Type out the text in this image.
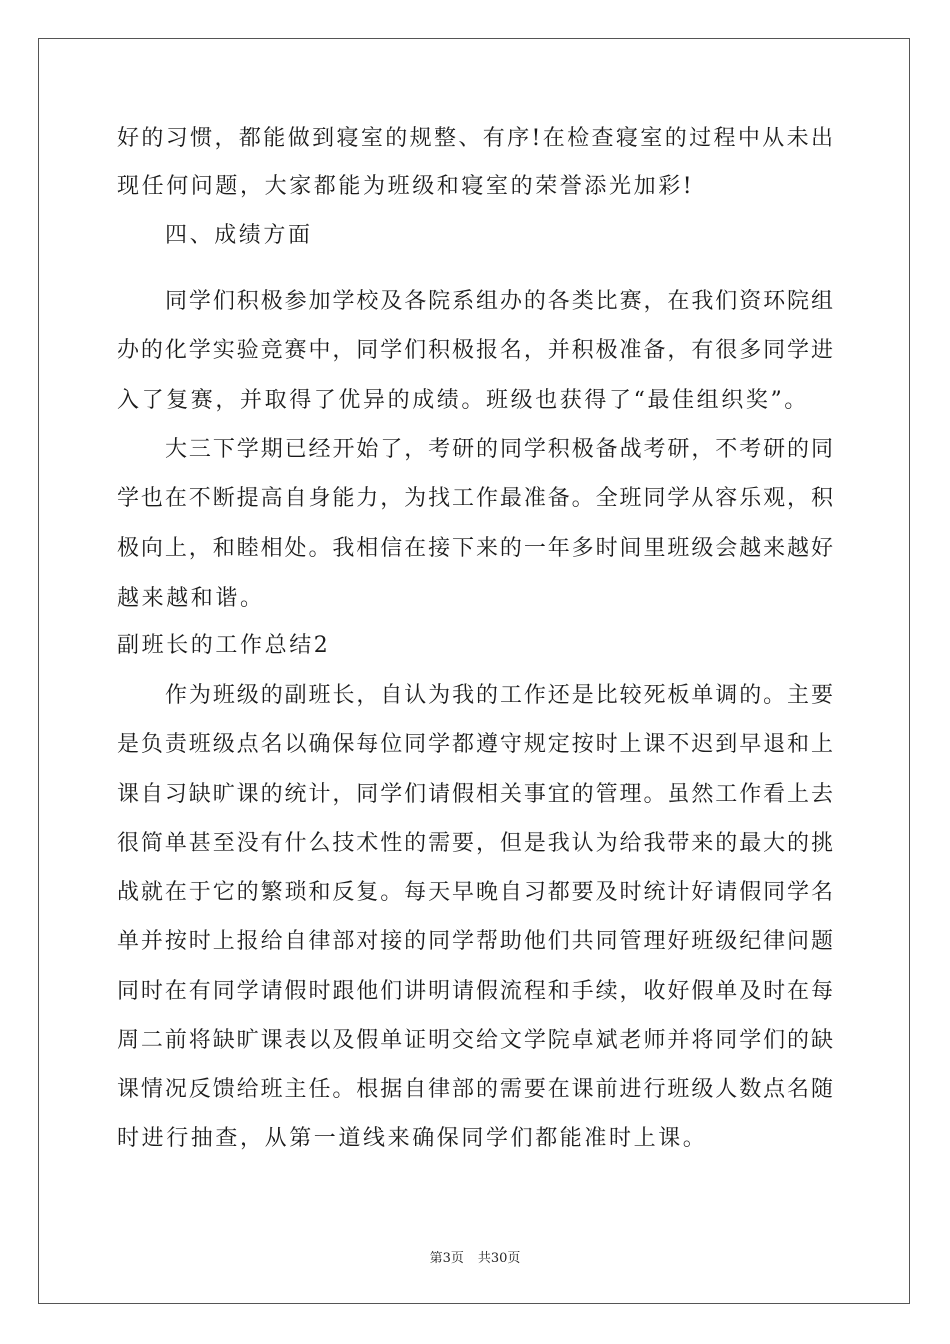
好的习惯，都能做到寝室的规整、有序!在检查寝室的过程中从未出
现任何问题，大家都能为班级和寝室的荣誉添光加彩!
四、成绩方面
同学们积极参加学校及各院系组办的各类比赛，在我们资环院组
办的化学实验竞赛中，同学们积极报名，并积极准备，有很多同学进
入了复赛，并取得了优异的成绩。班级也获得了“最佳组织奖”。
大三下学期已经开始了，考研的同学积极备战考研，不考研的同
学也在不断提高自身能力，为找工作最准备。全班同学从容乐观，积
极向上，和睦相处。我相信在接下来的一年多时间里班级会越来越好
越来越和谐。
副班长的工作总结2
作为班级的副班长，自认为我的工作还是比较死板单调的。主要
是负责班级点名以确保每位同学都遵守规定按时上课不迟到早退和上
课自习缺旷课的统计，同学们请假相关事宜的管理。虽然工作看上去
很简单甚至没有什么技术性的需要，但是我认为给我带来的最大的挑
战就在于它的繁琐和反复。每天早晚自习都要及时统计好请假同学名
单并按时上报给自律部对接的同学帮助他们共同管理好班级纪律问题
同时在有同学请假时跟他们讲明请假流程和手续，收好假单及时在每
周二前将缺旷课表以及假单证明交给文学院卓斌老师并将同学们的缺
课情况反馈给班主任。根据自律部的需要在课前进行班级人数点名随
时进行抽查，从第一道线来确保同学们都能准时上课。
第3页 共30页
